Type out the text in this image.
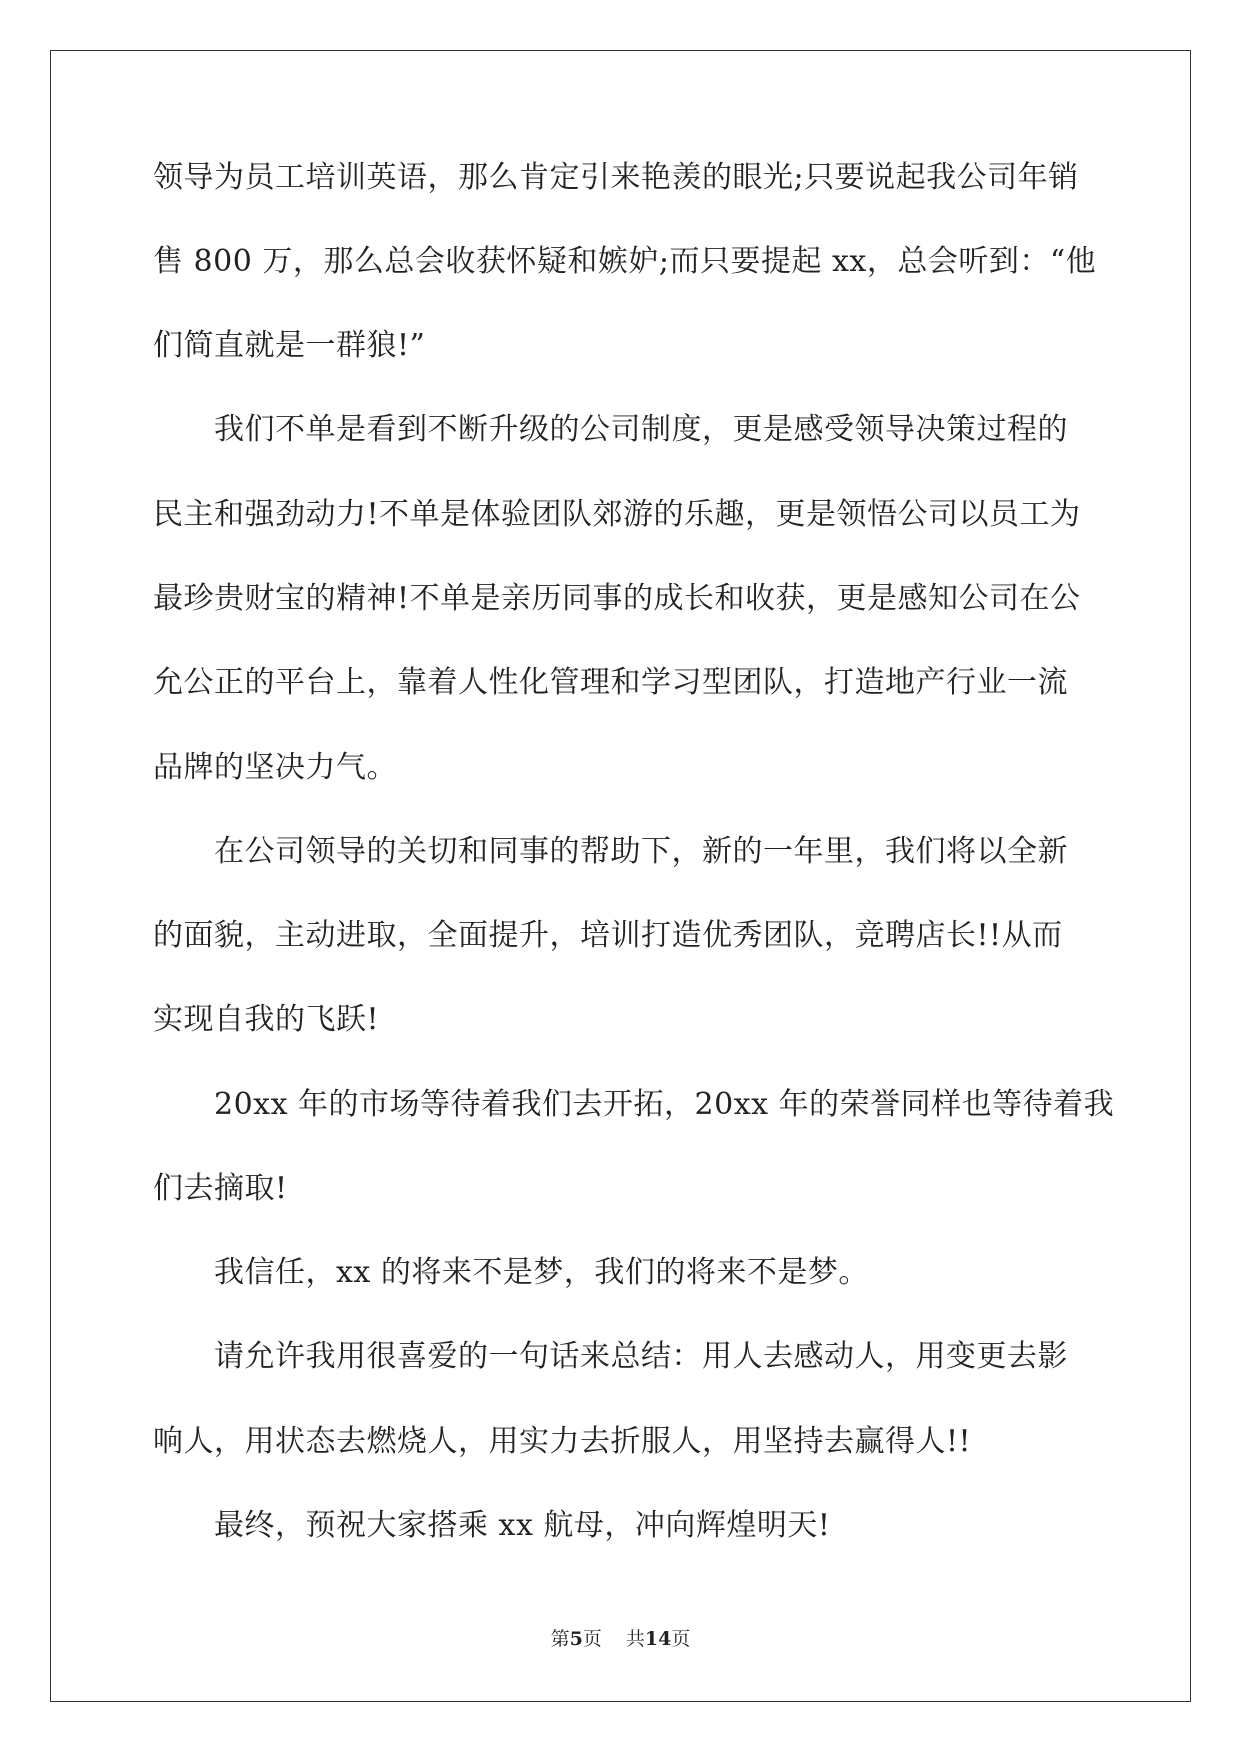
领导为员工培训英语，那么肯定引来艳羡的眼光;只要说起我公司年销
售 800 万，那么总会收获怀疑和嫉妒;而只要提起 xx，总会听到：“他
们简直就是一群狼!”
我们不单是看到不断升级的公司制度，更是感受领导决策过程的
民主和强劲动力!不单是体验团队郊游的乐趣，更是领悟公司以员工为
最珍贵财宝的精神!不单是亲历同事的成长和收获，更是感知公司在公
允公正的平台上，靠着人性化管理和学习型团队，打造地产行业一流
品牌的坚决力气。
在公司领导的关切和同事的帮助下，新的一年里，我们将以全新
的面貌，主动进取，全面提升，培训打造优秀团队，竞聘店长!!从而
实现自我的飞跃!
20xx 年的市场等待着我们去开拓，20xx 年的荣誉同样也等待着我
们去摘取!
我信任，xx 的将来不是梦，我们的将来不是梦。
请允许我用很喜爱的一句话来总结：用人去感动人，用变更去影
响人，用状态去燃烧人，用实力去折服人，用坚持去赢得人!!
最终，预祝大家搭乘 xx 航母，冲向辉煌明天!
第5页 共14页
